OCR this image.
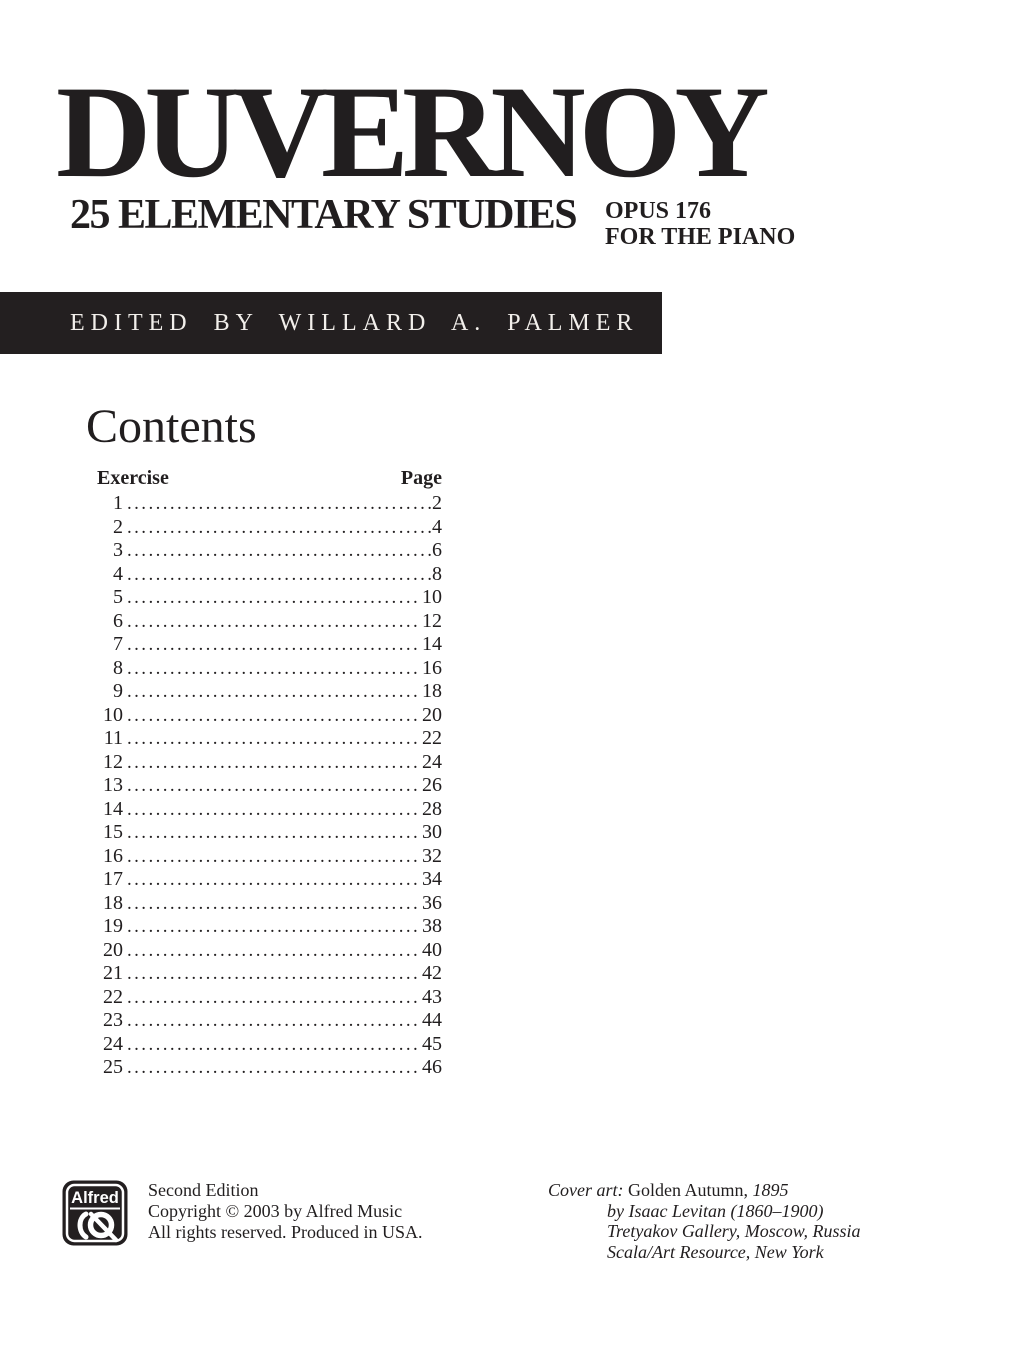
DUVERNOY
25 ELEMENTARY STUDIES OPUS 176
FOR THE PIANO
EDITED BY WILLARD A. PALMER
Contents
Exercise	Page
1 .....	2
2 .....	4
3 .....	6
4 .....	8
5 .....	10
6 .....	12
7 .....	14
8 .....	16
9 .....	18
10 .....	20
11 .....	22
12 .....	24
13 .....	26
14 .....	28
15 .....	30
16 .....	32
17 .....	34
18 .....	36
19 .....	38
20 .....	40
21 .....	42
22 .....	43
23 .....	44
24 .....	45
25 .....	46
Alfred Second Edition
Copyright © 2003 by Alfred Music
All rights reserved. Produced in USA.
Cover art: Golden Autumn, 1895
by Isaac Levitan (1860–1900)
Tretyakov Gallery, Moscow, Russia
Scala/Art Resource, New York
